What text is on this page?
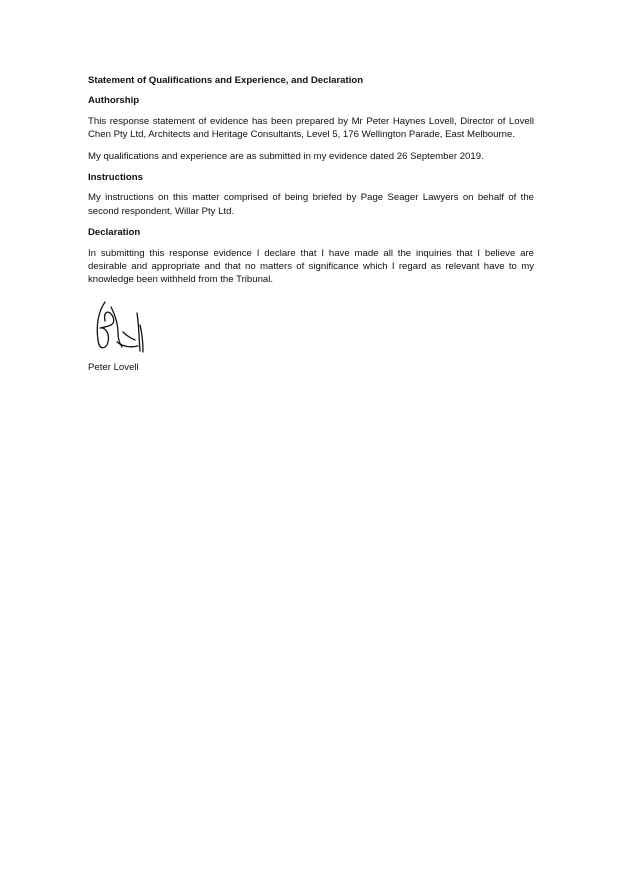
Statement of Qualifications and Experience, and Declaration
Authorship
This response statement of evidence has been prepared by Mr Peter Haynes Lovell, Director of Lovell Chen Pty Ltd, Architects and Heritage Consultants, Level 5, 176 Wellington Parade, East Melbourne.
My qualifications and experience are as submitted in my evidence dated 26 September 2019.
Instructions
My instructions on this matter comprised of being briefed by Page Seager Lawyers on behalf of the second respondent, Willar Pty Ltd.
Declaration
In submitting this response evidence I declare that I have made all the inquiries that I believe are desirable and appropriate and that no matters of significance which I regard as relevant have to my knowledge been withheld from the Tribunal.
Peter Lovell
